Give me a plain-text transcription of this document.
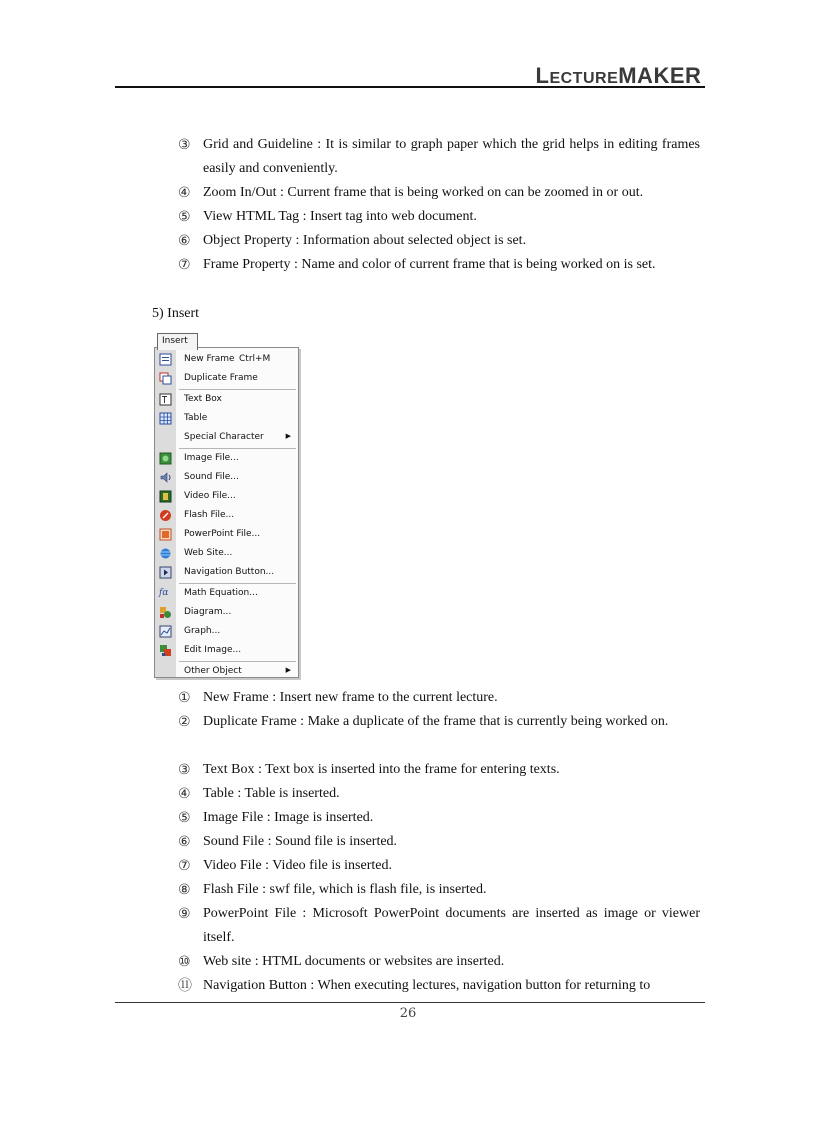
LECTUREMAKER
③ Grid and Guideline : It is similar to graph paper which the grid helps in editing frames easily and conveniently.
④ Zoom In/Out : Current frame that is being worked on can be zoomed in or out.
⑤ View HTML Tag : Insert tag into web document.
⑥ Object Property : Information about selected object is set.
⑦ Frame Property : Name and color of current frame that is being worked on is set.
5) Insert
Insert
New Frame Ctrl+M
Duplicate Frame
Text Box
Table
Special Character	▶
Image File...
Sound File...
Video File...
Flash File...
PowerPoint File...
Web Site...
Navigation Button...
fα	Math Equation...
Diagram...
Graph...
Edit Image...
Other Object	▶
① New Frame : Insert new frame to the current lecture.
② Duplicate Frame : Make a duplicate of the frame that is currently being worked on.
③ Text Box : Text box is inserted into the frame for entering texts.
④ Table : Table is inserted.
⑤ Image File : Image is inserted.
⑥ Sound File : Sound file is inserted.
⑦ Video File : Video file is inserted.
⑧ Flash File : swf file, which is flash file, is inserted.
⑨ PowerPoint File : Microsoft PowerPoint documents are inserted as image or viewer itself.
⑩ Web site : HTML documents or websites are inserted.
⑪ Navigation Button : When executing lectures, navigation button for returning to
26
